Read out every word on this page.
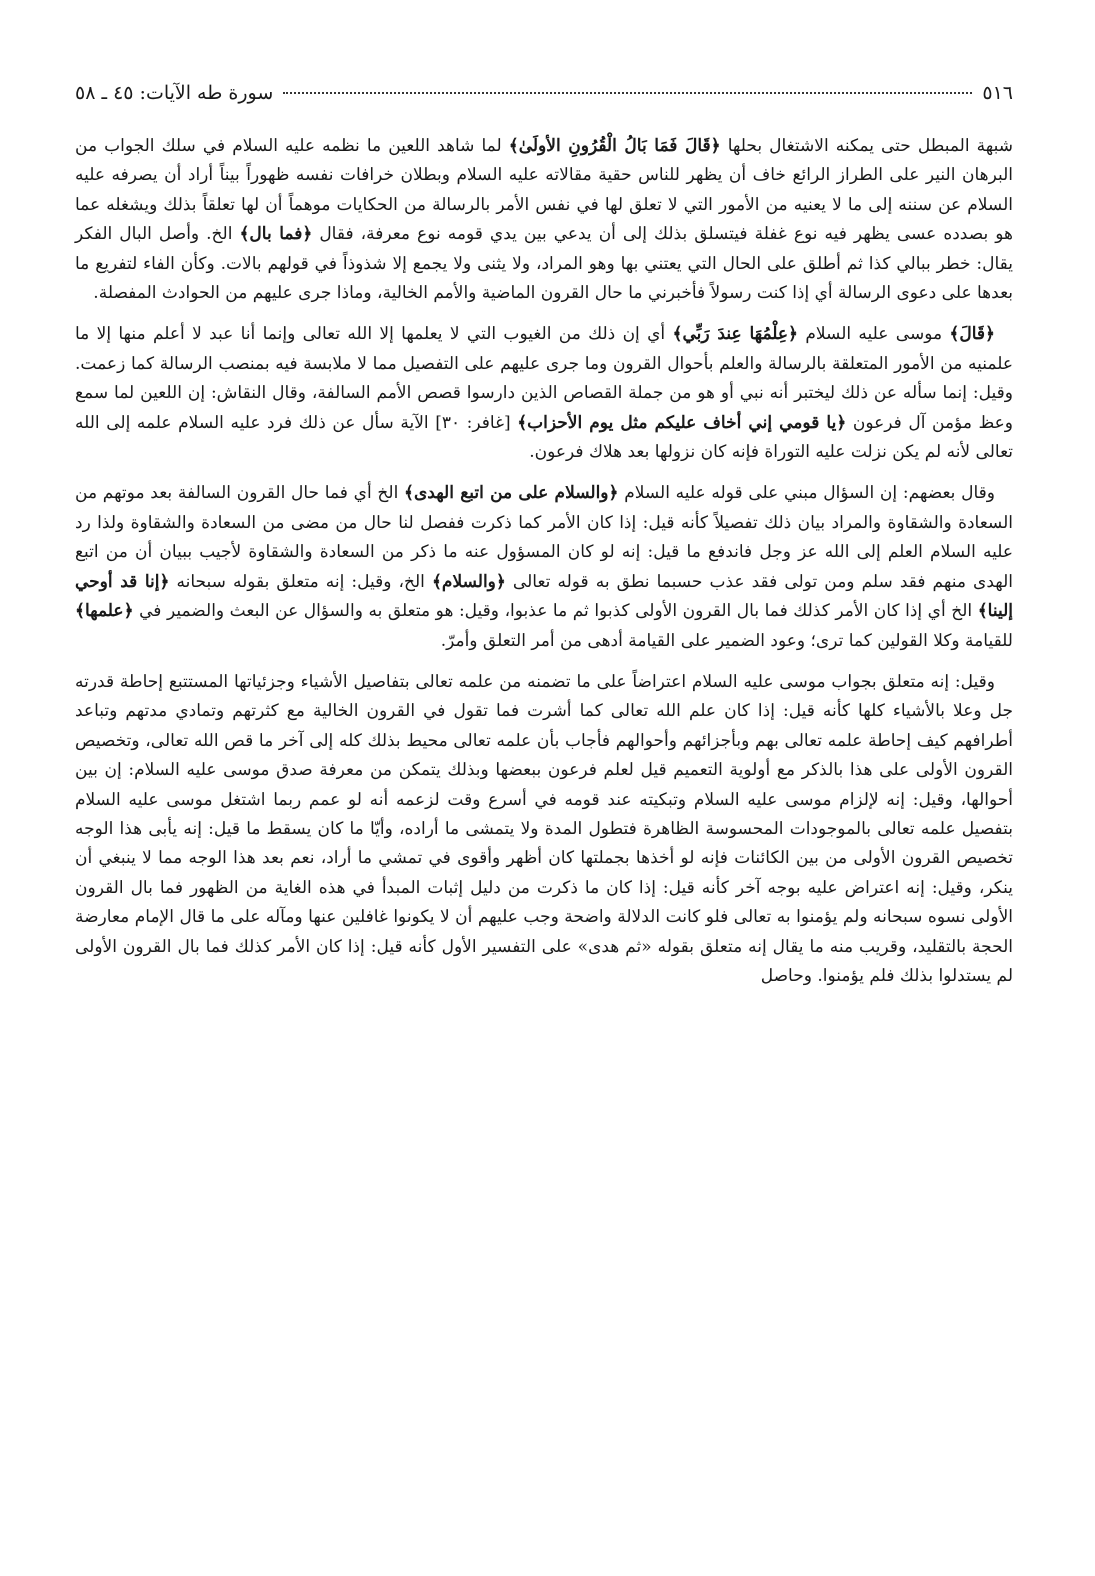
٥١٦
سورة طه الآيات: ٤٥ ـ ٥٨

شبهة المبطل حتى يمكنه الاشتغال بحلها ﴿قَالَ فَمَا بَالُ الْقُرُونِ الأولَىٰ﴾ لما شاهد اللعين ما نظمه عليه السلام في سلك الجواب من البرهان النير على الطراز الرائع خاف أن يظهر للناس حقية مقالاته عليه السلام وبطلان خرافات نفسه ظهوراً بيناً أراد أن يصرفه عليه السلام عن سننه إلى ما لا يعنيه من الأمور التي لا تعلق لها في نفس الأمر بالرسالة من الحكايات موهماً أن لها تعلقاً بذلك ويشغله عما هو بصدده عسى يظهر فيه نوع غفلة فيتسلق بذلك إلى أن يدعي بين يدي قومه نوع معرفة، فقال ﴿فما بال﴾ الخ. وأصل البال الفكر يقال: خطر ببالي كذا ثم أطلق على الحال التي يعتني بها وهو المراد، ولا يثنى ولا يجمع إلا شذوذاً في قولهم بالات. وكأن الفاء لتفريع ما بعدها على دعوى الرسالة أي إذا كنت رسولاً فأخبرني ما حال القرون الماضية والأمم الخالية، وماذا جرى عليهم من الحوادث المفصلة.

﴿قَالَ﴾ موسى عليه السلام ﴿عِلْمُهَا عِندَ رَبِّي﴾ أي إن ذلك من الغيوب التي لا يعلمها إلا الله تعالى وإنما أنا عبد لا أعلم منها إلا ما علمنيه من الأمور المتعلقة بالرسالة والعلم بأحوال القرون وما جرى عليهم على التفصيل مما لا ملابسة فيه بمنصب الرسالة كما زعمت. وقيل: إنما سأله عن ذلك ليختبر أنه نبي أو هو من جملة القصاص الذين دارسوا قصص الأمم السالفة، وقال النقاش: إن اللعين لما سمع وعظ مؤمن آل فرعون ﴿يا قومي إني أخاف عليكم مثل يوم الأحزاب﴾ [غافر: ٣٠] الآية سأل عن ذلك فرد عليه السلام علمه إلى الله تعالى لأنه لم يكن نزلت عليه التوراة فإنه كان نزولها بعد هلاك فرعون.

وقال بعضهم: إن السؤال مبني على قوله عليه السلام ﴿والسلام على من اتبع الهدى﴾ الخ أي فما حال القرون السالفة بعد موتهم من السعادة والشقاوة والمراد بيان ذلك تفصيلاً كأنه قيل: إذا كان الأمر كما ذكرت ففصل لنا حال من مضى من السعادة والشقاوة ولذا رد عليه السلام العلم إلى الله عز وجل فاندفع ما قيل: إنه لو كان المسؤول عنه ما ذكر من السعادة والشقاوة لأجيب ببيان أن من اتبع الهدى منهم فقد سلم ومن تولى فقد عذب حسبما نطق به قوله تعالى ﴿والسلام﴾ الخ، وقيل: إنه متعلق بقوله سبحانه ﴿إنا قد أوحي إلينا﴾ الخ أي إذا كان الأمر كذلك فما بال القرون الأولى كذبوا ثم ما عذبوا، وقيل: هو متعلق به والسؤال عن البعث والضمير في ﴿علمها﴾ للقيامة وكلا القولين كما ترى؛ وعود الضمير على القيامة أدهى من أمر التعلق وأمرّ.

وقيل: إنه متعلق بجواب موسى عليه السلام اعتراضاً على ما تضمنه من علمه تعالى بتفاصيل الأشياء وجزئياتها المستتبع إحاطة قدرته جل وعلا بالأشياء كلها كأنه قيل: إذا كان علم الله تعالى كما أشرت فما تقول في القرون الخالية مع كثرتهم وتمادي مدتهم وتباعد أطرافهم كيف إحاطة علمه تعالى بهم وبأجزائهم وأحوالهم فأجاب بأن علمه تعالى محيط بذلك كله إلى آخر ما قص الله تعالى، وتخصيص القرون الأولى على هذا بالذكر مع أولوية التعميم قيل لعلم فرعون ببعضها وبذلك يتمكن من معرفة صدق موسى عليه السلام: إن بين أحوالها، وقيل: إنه لإلزام موسى عليه السلام وتبكيته عند قومه في أسرع وقت لزعمه أنه لو عمم ربما اشتغل موسى عليه السلام بتفصيل علمه تعالى بالموجودات المحسوسة الظاهرة فتطول المدة ولا يتمشى ما أراده، وأيّا ما كان يسقط ما قيل: إنه يأبى هذا الوجه تخصيص القرون الأولى من بين الكائنات فإنه لو أخذها بجملتها كان أظهر وأقوى في تمشي ما أراد، نعم بعد هذا الوجه مما لا ينبغي أن ينكر، وقيل: إنه اعتراض عليه بوجه آخر كأنه قيل: إذا كان ما ذكرت من دليل إثبات المبدأ في هذه الغاية من الظهور فما بال القرون الأولى نسوه سبحانه ولم يؤمنوا به تعالى فلو كانت الدلالة واضحة وجب عليهم أن لا يكونوا غافلين عنها ومآله على ما قال الإمام معارضة الحجة بالتقليد، وقريب منه ما يقال إنه متعلق بقوله «ثم هدى» على التفسير الأول كأنه قيل: إذا كان الأمر كذلك فما بال القرون الأولى لم يستدلوا بذلك فلم يؤمنوا. وحاصل
